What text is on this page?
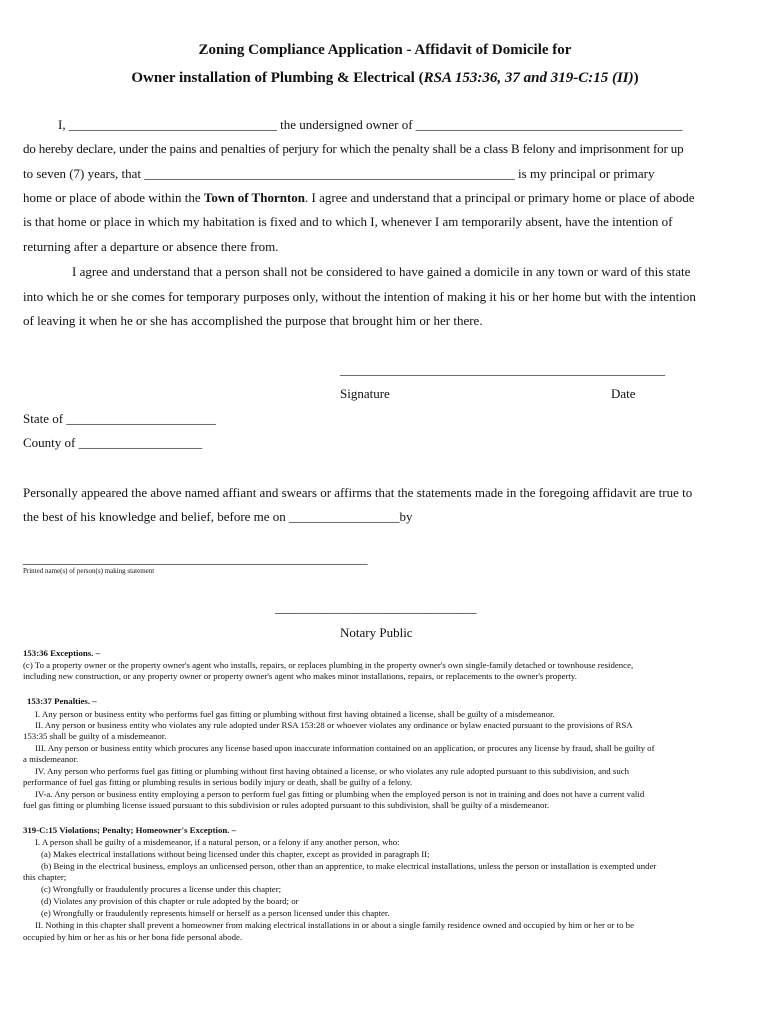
Zoning Compliance Application - Affidavit of Domicile for
Owner installation of Plumbing & Electrical (RSA 153:36, 37 and 319-C:15 (II))
I, ________________________________ the undersigned owner of _________________________________________
do hereby declare, under the pains and penalties of perjury for which the penalty shall be a class B felony and imprisonment for up
to seven (7) years, that _________________________________________________________ is my principal or primary
home or place of abode within the Town of Thornton. I agree and understand that a principal or primary home or place of abode
is that home or place in which my habitation is fixed and to which I, whenever I am temporarily absent, have the intention of
returning after a departure or absence there from.
I agree and understand that a person shall not be considered to have gained a domicile in any town or ward of this state
into which he or she comes for temporary purposes only, without the intention of making it his or her home but with the intention
of leaving it when he or she has accomplished the purpose that brought him or her there.
__________________________________________________
Signature	Date
State of _______________________
County of ___________________
Personally appeared the above named affiant and swears or affirms that the statements made in the foregoing affidavit are true to
the best of his knowledge and belief, before me on _________________by
_____________________________________________________
Printed name(s) of person(s) making statement
_______________________________
Notary Public
153:36 Exceptions. –
(c) To a property owner or the property owner's agent who installs, repairs, or replaces plumbing in the property owner's own single-family detached or townhouse residence,
including new construction, or any property owner or property owner's agent who makes minor installations, repairs, or replacements to the owner's property.
153:37 Penalties. –
I. Any person or business entity who performs fuel gas fitting or plumbing without first having obtained a license, shall be guilty of a misdemeanor.
II. Any person or business entity who violates any rule adopted under RSA 153:28 or whoever violates any ordinance or bylaw enacted pursuant to the provisions of RSA
153:35 shall be guilty of a misdemeanor.
III. Any person or business entity which procures any license based upon inaccurate information contained on an application, or procures any license by fraud, shall be guilty of
a misdemeanor.
IV. Any person who performs fuel gas fitting or plumbing without first having obtained a license, or who violates any rule adopted pursuant to this subdivision, and such
performance of fuel gas fitting or plumbing results in serious bodily injury or death, shall be guilty of a felony.
IV-a. Any person or business entity employing a person to perform fuel gas fitting or plumbing when the employed person is not in training and does not have a current valid
fuel gas fitting or plumbing license issued pursuant to this subdivision or rules adopted pursuant to this subdivision, shall be guilty of a misdemeanor.
319-C:15 Violations; Penalty; Homeowner's Exception. –
I. A person shall be guilty of a misdemeanor, if a natural person, or a felony if any another person, who:
(a) Makes electrical installations without being licensed under this chapter, except as provided in paragraph II;
(b) Being in the electrical business, employs an unlicensed person, other than an apprentice, to make electrical installations, unless the person or installation is exempted under
this chapter;
(c) Wrongfully or fraudulently procures a license under this chapter;
(d) Violates any provision of this chapter or rule adopted by the board; or
(e) Wrongfully or fraudulently represents himself or herself as a person licensed under this chapter.
II. Nothing in this chapter shall prevent a homeowner from making electrical installations in or about a single family residence owned and occupied by him or her or to be
occupied by him or her as his or her bona fide personal abode.
